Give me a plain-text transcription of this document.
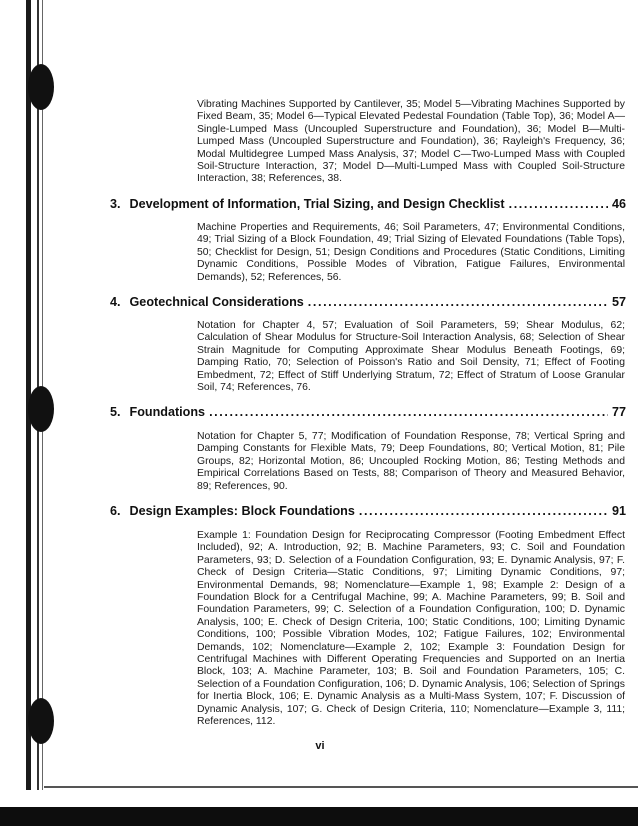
Vibrating Machines Supported by Cantilever, 35; Model 5—Vibrating Machines Supported by Fixed Beam, 35; Model 6—Typical Elevated Pedestal Foundation (Table Top), 36; Model A—Single-Lumped Mass (Uncoupled Superstructure and Foundation), 36; Model B—Multi-Lumped Mass (Uncoupled Superstructure and Foundation), 36; Rayleigh's Frequency, 36; Modal Multidegree Lumped Mass Analysis, 37; Model C—Two-Lumped Mass with Coupled Soil-Structure Interaction, 37; Model D—Multi-Lumped Mass with Coupled Soil-Structure Interaction, 38; References, 38.
3. Development of Information, Trial Sizing, and Design Checklist .....	46
Machine Properties and Requirements, 46; Soil Parameters, 47; Environmental Conditions, 49; Trial Sizing of a Block Foundation, 49; Trial Sizing of Elevated Foundations (Table Tops), 50; Checklist for Design, 51; Design Conditions and Procedures (Static Conditions, Limiting Dynamic Conditions, Possible Modes of Vibration, Fatigue Failures, Environmental Demands), 52; References, 56.
4. Geotechnical Considerations .....	57
Notation for Chapter 4, 57; Evaluation of Soil Parameters, 59; Shear Modulus, 62; Calculation of Shear Modulus for Structure-Soil Interaction Analysis, 68; Selection of Shear Strain Magnitude for Computing Approximate Shear Modulus Beneath Footings, 69; Damping Ratio, 70; Selection of Poisson's Ratio and Soil Density, 71; Effect of Footing Embedment, 72; Effect of Stiff Underlying Stratum, 72; Effect of Stratum of Loose Granular Soil, 74; References, 76.
5. Foundations .....	77
Notation for Chapter 5, 77; Modification of Foundation Response, 78; Vertical Spring and Damping Constants for Flexible Mats, 79; Deep Foundations, 80; Vertical Motion, 81; Pile Groups, 82; Horizontal Motion, 86; Uncoupled Rocking Motion, 86; Testing Methods and Empirical Correlations Based on Tests, 88; Comparison of Theory and Measured Behavior, 89; References, 90.
6. Design Examples: Block Foundations .....	91
Example 1: Foundation Design for Reciprocating Compressor (Footing Embedment Effect Included), 92; A. Introduction, 92; B. Machine Parameters, 93; C. Soil and Foundation Parameters, 93; D. Selection of a Foundation Configuration, 93; E. Dynamic Analysis, 97; F. Check of Design Criteria—Static Conditions, 97; Limiting Dynamic Conditions, 97; Environmental Demands, 98; Nomenclature—Example 1, 98; Example 2: Design of a Foundation Block for a Centrifugal Machine, 99; A. Machine Parameters, 99; B. Soil and Foundation Parameters, 99; C. Selection of a Foundation Configuration, 100; D. Dynamic Analysis, 100; E. Check of Design Criteria, 100; Static Conditions, 100; Limiting Dynamic Conditions, 100; Possible Vibration Modes, 102; Fatigue Failures, 102; Environmental Demands, 102; Nomenclature—Example 2, 102; Example 3: Foundation Design for Centrifugal Machines with Different Operating Frequencies and Supported on an Inertia Block, 103; A. Machine Parameter, 103; B. Soil and Foundation Parameters, 105; C. Selection of a Foundation Configuration, 106; D. Dynamic Analysis, 106; Selection of Springs for Inertia Block, 106; E. Dynamic Analysis as a Multi-Mass System, 107; F. Discussion of Dynamic Analysis, 107; G. Check of Design Criteria, 110; Nomenclature—Example 3, 111; References, 112.
vi
